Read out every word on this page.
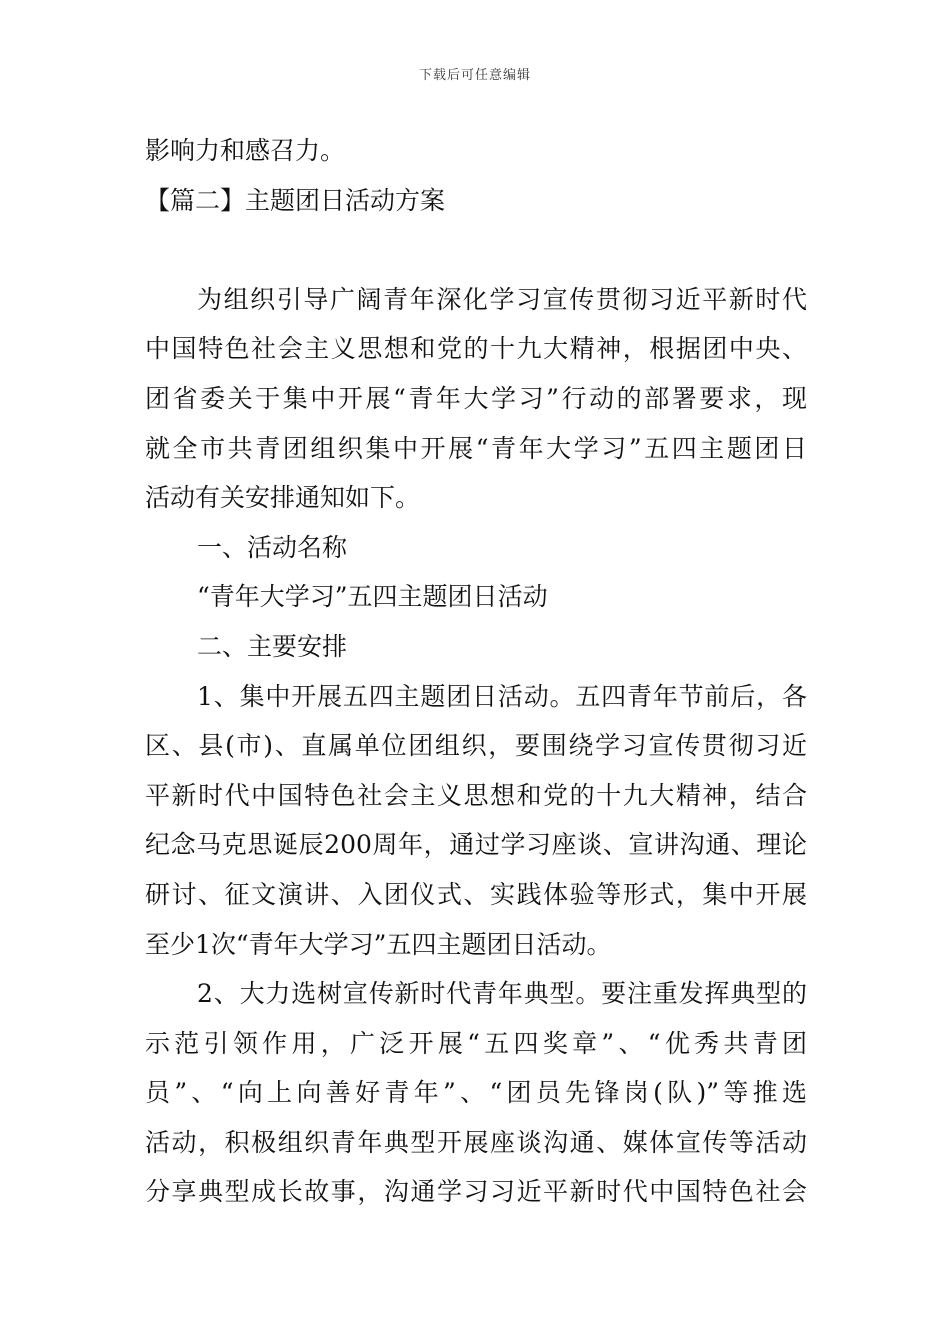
下载后可任意编辑
影响力和感召力。
【篇二】主题团日活动方案
为组织引导广阔青年深化学习宣传贯彻习近平新时代
中国特色社会主义思想和党的十九大精神，根据团中央、
团省委关于集中开展“青年大学习”行动的部署要求，现
就全市共青团组织集中开展“青年大学习”五四主题团日
活动有关安排通知如下。
一、活动名称
“青年大学习”五四主题团日活动
二、主要安排
1、集中开展五四主题团日活动。五四青年节前后，各
区、县(市)、直属单位团组织，要围绕学习宣传贯彻习近
平新时代中国特色社会主义思想和党的十九大精神，结合
纪念马克思诞辰200周年，通过学习座谈、宣讲沟通、理论
研讨、征文演讲、入团仪式、实践体验等形式，集中开展
至少1次“青年大学习”五四主题团日活动。
2、大力选树宣传新时代青年典型。要注重发挥典型的
示范引领作用，广泛开展“五四奖章”、“优秀共青团
员”、“向上向善好青年”、“团员先锋岗(队)”等推选
活动，积极组织青年典型开展座谈沟通、媒体宣传等活动
分享典型成长故事，沟通学习习近平新时代中国特色社会
